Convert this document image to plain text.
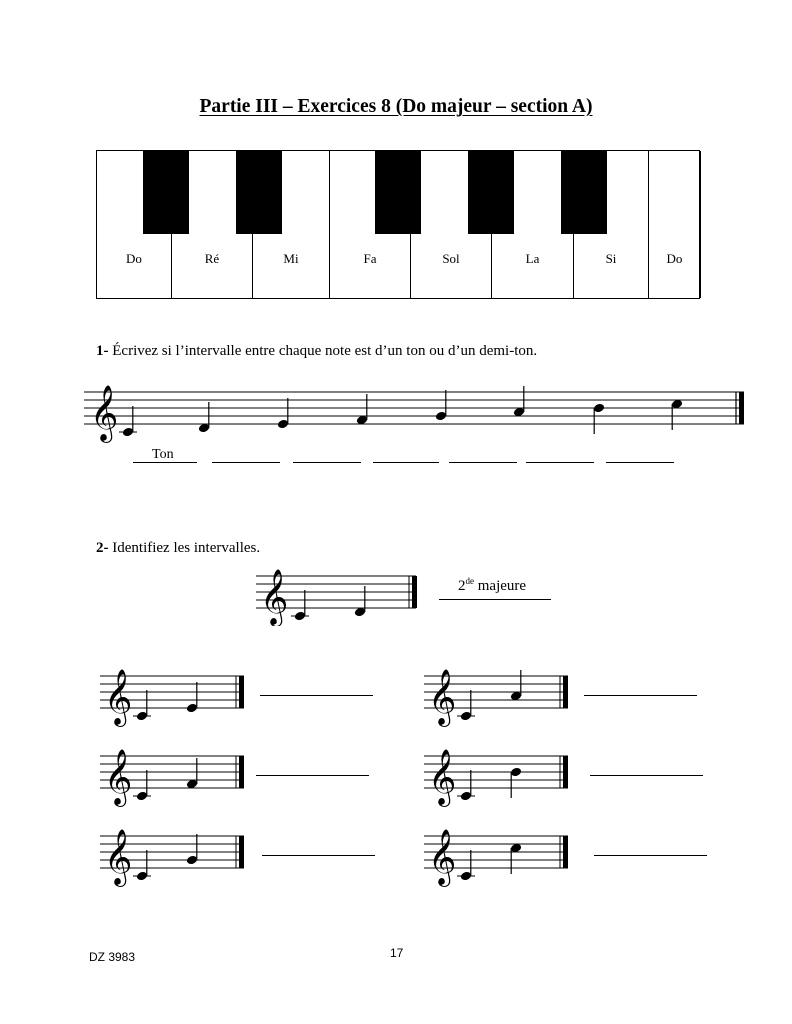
Partie III – Exercices 8 (Do majeur – section A)
Do	Ré	Mi	Fa	Sol	La	Si	Do
1- Écrivez si l’intervalle entre chaque note est d’un ton ou d’un demi-ton.
𝄞
Ton
2- Identifiez les intervalles.
𝄞	2de majeure
𝄞	𝄞
𝄞	𝄞
𝄞	𝄞
DZ 3983	17
